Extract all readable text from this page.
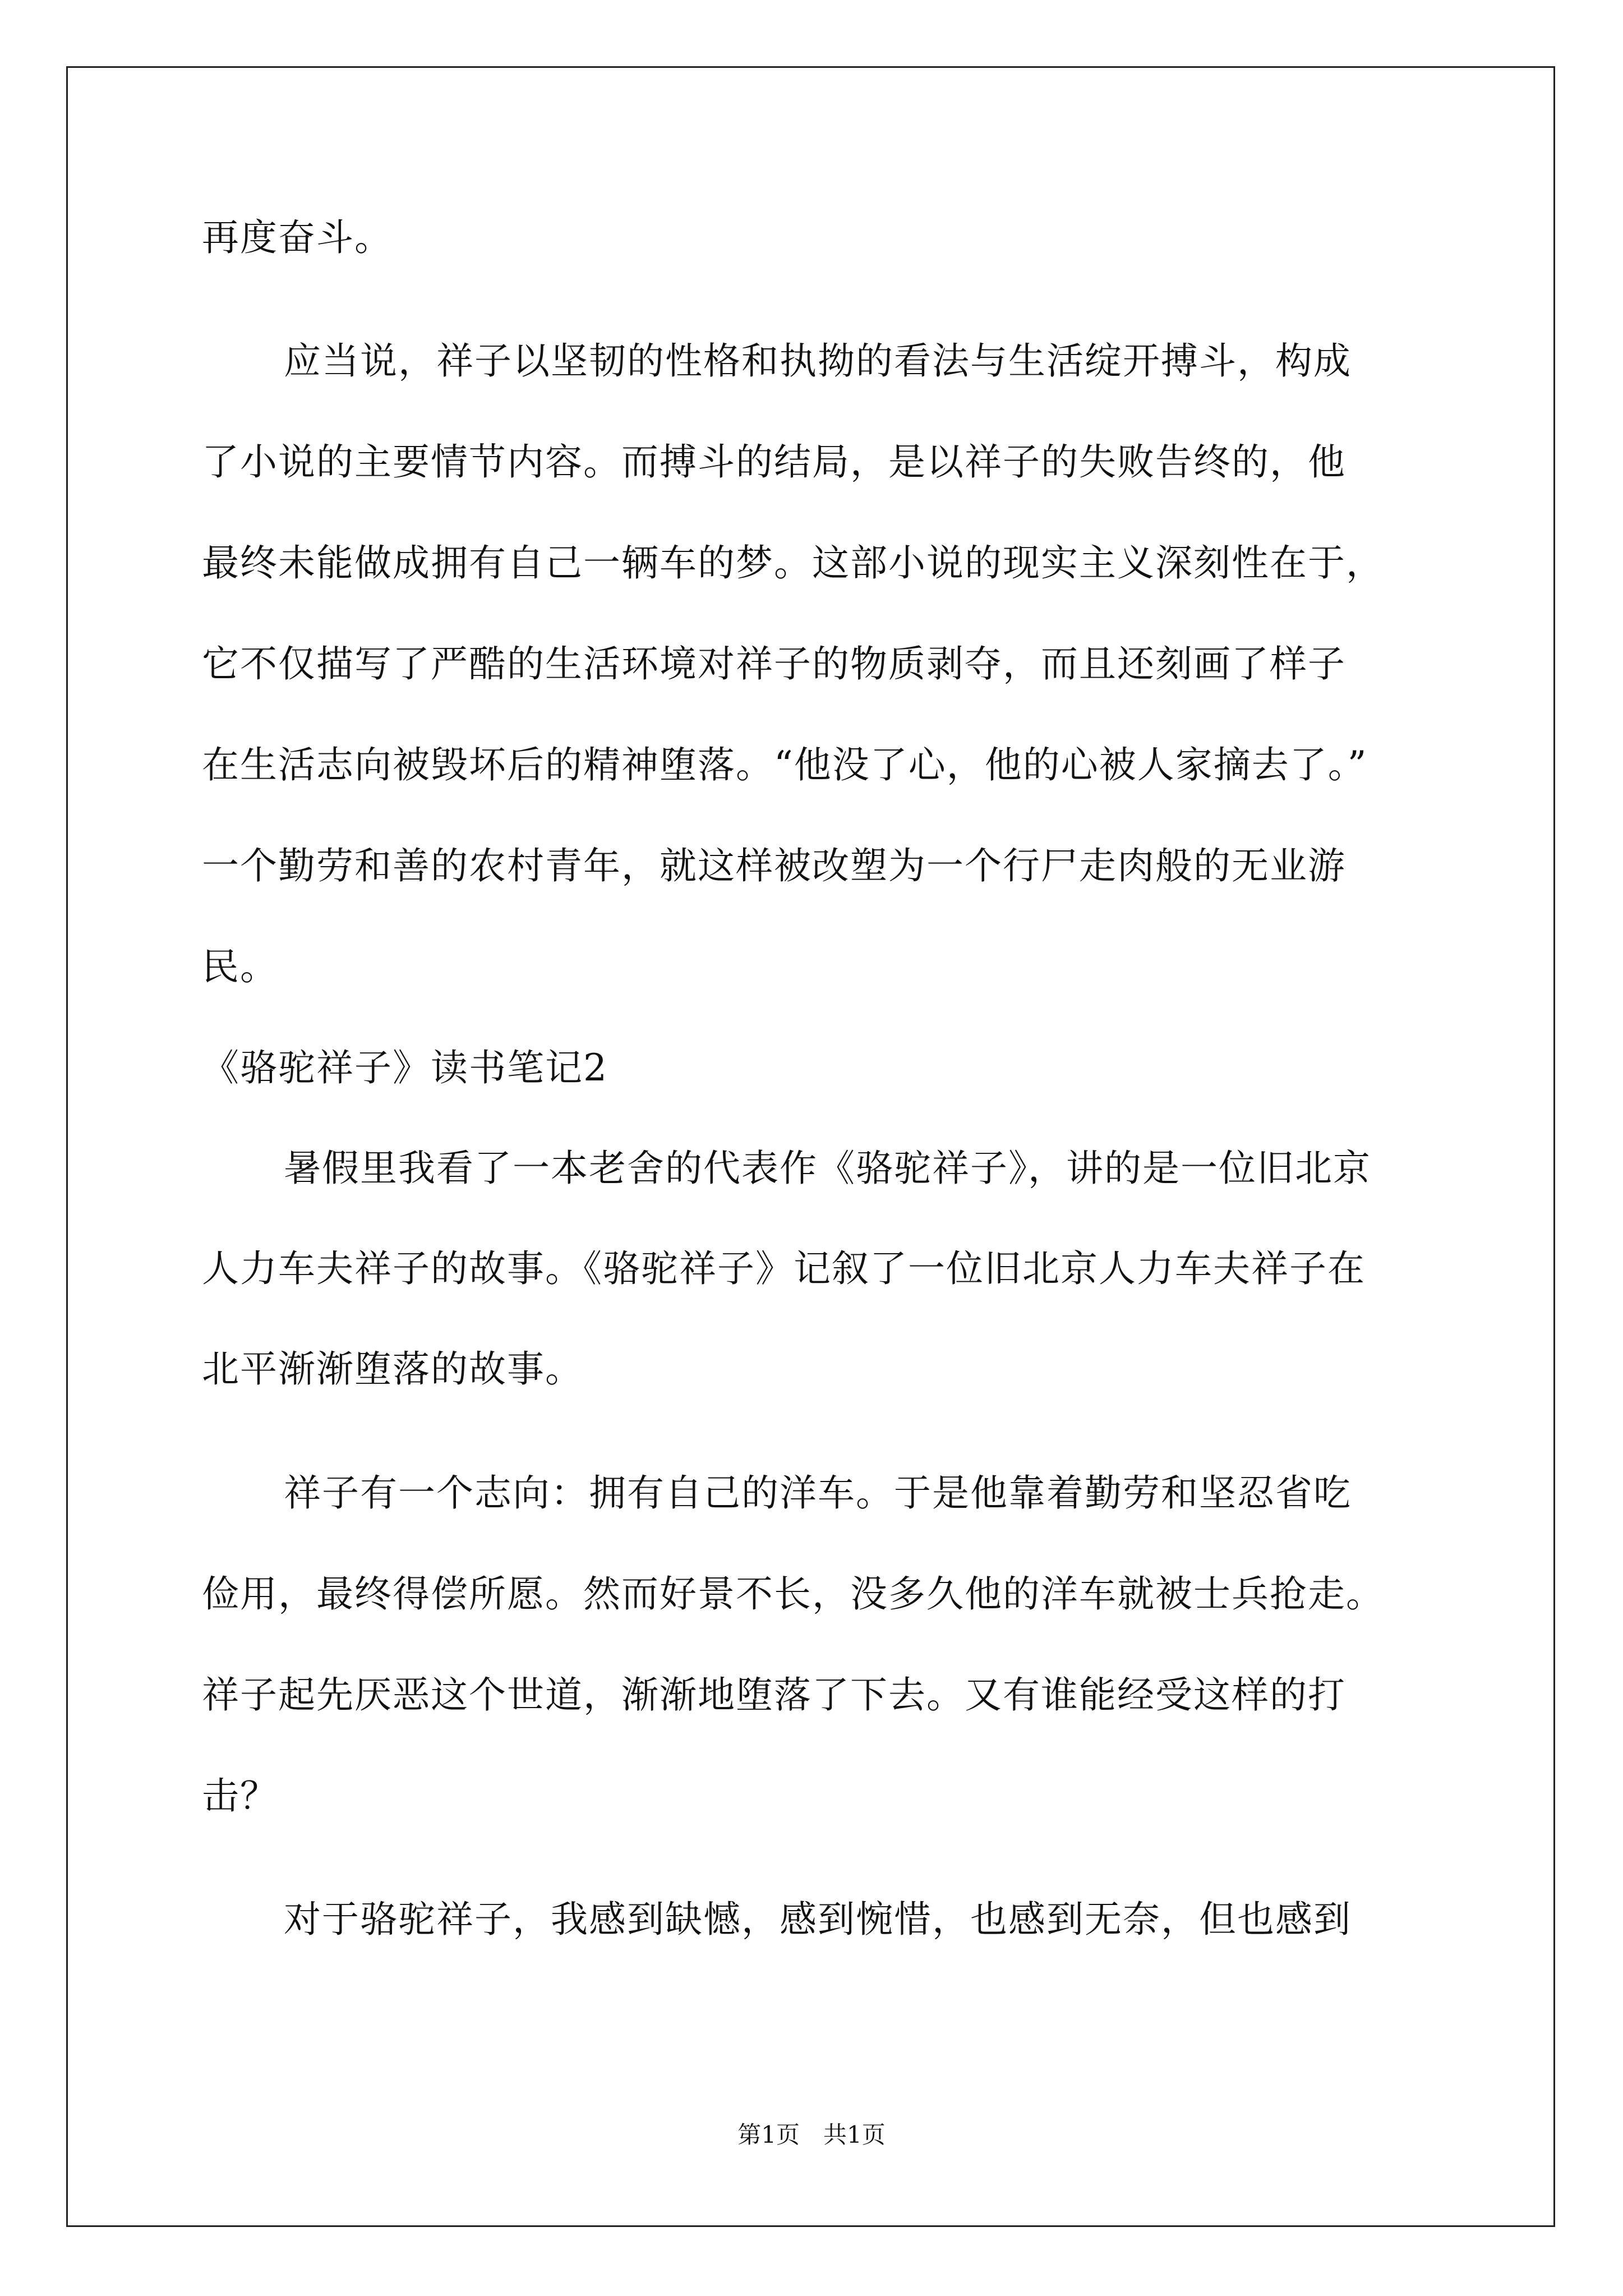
再度奋斗。
应当说，祥子以坚韧的性格和执拗的看法与生活绽开搏斗，构成
了小说的主要情节内容。而搏斗的结局，是以祥子的失败告终的，他
最终未能做成拥有自己一辆车的梦。这部小说的现实主义深刻性在于，
它不仅描写了严酷的生活环境对祥子的物质剥夺，而且还刻画了样子
在生活志向被毁坏后的精神堕落。“他没了心，他的心被人家摘去了。”
一个勤劳和善的农村青年，就这样被改塑为一个行尸走肉般的无业游
民。
《骆驼祥子》读书笔记2
暑假里我看了一本老舍的代表作《骆驼祥子》，讲的是一位旧北京
人力车夫祥子的故事。《骆驼祥子》记叙了一位旧北京人力车夫祥子在
北平渐渐堕落的故事。
祥子有一个志向：拥有自己的洋车。于是他靠着勤劳和坚忍省吃
俭用，最终得偿所愿。然而好景不长，没多久他的洋车就被士兵抢走。
祥子起先厌恶这个世道，渐渐地堕落了下去。又有谁能经受这样的打
击？
对于骆驼祥子，我感到缺憾，感到惋惜，也感到无奈，但也感到
第1页　共1页
